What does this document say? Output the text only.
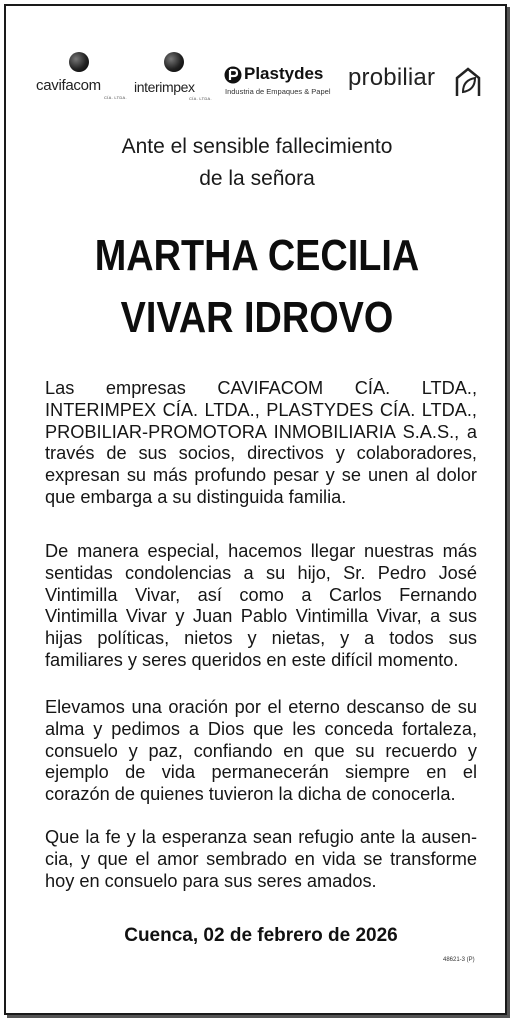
cavifacom
CÍA. LTDA.
interimpex
CÍA. LTDA.
Plastydes
Industria de Empaques & Papel
probiliar
Ante el sensible fallecimiento
de la señora
MARTHA CECILIA
VIVAR IDROVO

Las empresas CAVIFACOM CÍA. LTDA., INTERIMPEX CÍA. LTDA., PLASTYDES CÍA. LTDA., PROBILIAR-PROMOTORA INMOBILIARIA S.A.S., a través de sus socios, directivos y colaboradores, expresan su más profundo pesar y se unen al dolor que embarga a su distinguida familia.

De manera especial, hacemos llegar nuestras más sentidas condolencias a su hijo, Sr. Pedro José Vintimilla Vivar, así como a Carlos Fernando Vintimilla Vivar y Juan Pablo Vintimilla Vivar, a sus hijas políticas, nietos y nietas, y a todos sus familiares y seres queridos en este difícil momento.

Elevamos una oración por el eterno descanso de su alma y pedimos a Dios que les conceda fortaleza, consuelo y paz, confiando en que su recuerdo y ejemplo de vida permanecerán siempre en el corazón de quienes tuvieron la dicha de conocerla.

Que la fe y la esperanza sean refugio ante la ausencia, y que el amor sembrado en vida se transforme hoy en consuelo para sus seres amados.

Cuenca, 02 de febrero de 2026
48621-3 (P)
